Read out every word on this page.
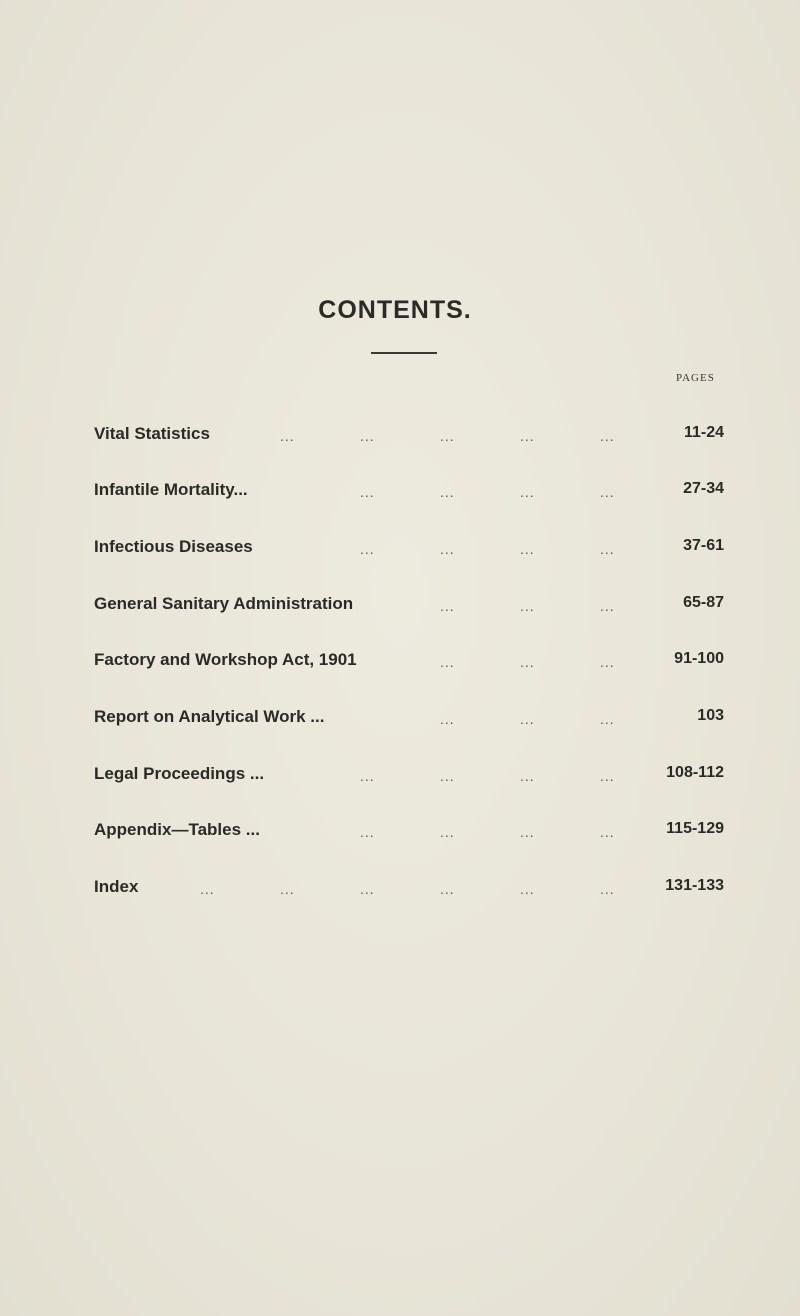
CONTENTS.
PAGES
Vital Statistics	...	...	...	...	...	11-24
Infantile Mortality...	...	...	...	...	27-34
Infectious Diseases	...	...	...	...	37-61
General Sanitary Administration	...	...	...	65-87
Factory and Workshop Act, 1901	...	...	...	91-100
Report on Analytical Work ...	...	...	...	103
Legal Proceedings ...	...	...	...	...	108-112
Appendix—Tables ...	...	...	...	...	115-129
Index	...	...	...	...	...	...	131-133
